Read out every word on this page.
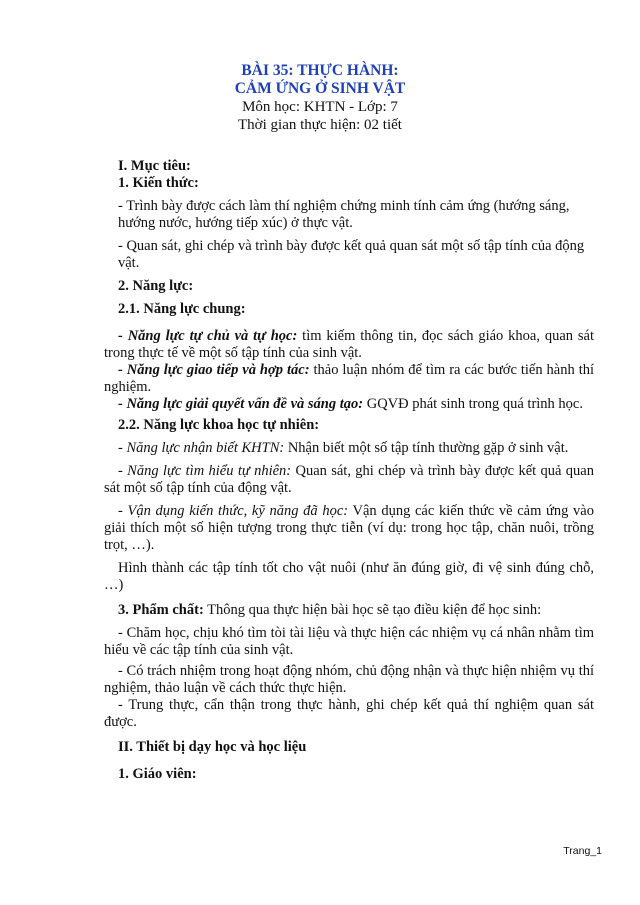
BÀI 35: THỰC HÀNH:
CẢM ỨNG Ở SINH VẬT
Môn học: KHTN - Lớp: 7
Thời gian thực hiện: 02 tiết

I. Mục tiêu:

1. Kiến thức:

- Trình bày được cách làm thí nghiệm chứng minh tính cảm ứng (hướng sáng, hướng nước, hướng tiếp xúc) ở thực vật.

- Quan sát, ghi chép và trình bày được kết quả quan sát một số tập tính của động vật.

2. Năng lực:

2.1. Năng lực chung:

- Năng lực tự chủ và tự học: tìm kiếm thông tin, đọc sách giáo khoa, quan sát trong thực tế về một số tập tính của sinh vật.

- Năng lực giao tiếp và hợp tác: thảo luận nhóm để tìm ra các bước tiến hành thí nghiệm.

- Năng lực giải quyết vấn đề và sáng tạo: GQVĐ phát sinh trong quá trình học.

2.2. Năng lực khoa học tự nhiên:

- Năng lực nhận biết KHTN: Nhận biết một số tập tính thường gặp ở sinh vật.

- Năng lực tìm hiểu tự nhiên: Quan sát, ghi chép và trình bày được kết quả quan sát một số tập tính của động vật.

- Vận dụng kiến thức, kỹ năng đã học: Vận dụng các kiến thức về cảm ứng vào giải thích một số hiện tượng trong thực tiễn (ví dụ: trong học tập, chăn nuôi, trồng trọt, …).

Hình thành các tập tính tốt cho vật nuôi (như ăn đúng giờ, đi vệ sinh đúng chỗ, …)

3. Phẩm chất: Thông qua thực hiện bài học sẽ tạo điều kiện để học sinh:

- Chăm học, chịu khó tìm tòi tài liệu và thực hiện các nhiệm vụ cá nhân nhằm tìm hiểu về các tập tính của sinh vật.

- Có trách nhiệm trong hoạt động nhóm, chủ động nhận và thực hiện nhiệm vụ thí nghiệm, thảo luận về cách thức thực hiện.

- Trung thực, cẩn thận trong thực hành, ghi chép kết quả thí nghiệm quan sát được.

II. Thiết bị dạy học và học liệu

1. Giáo viên:

Trang_1
